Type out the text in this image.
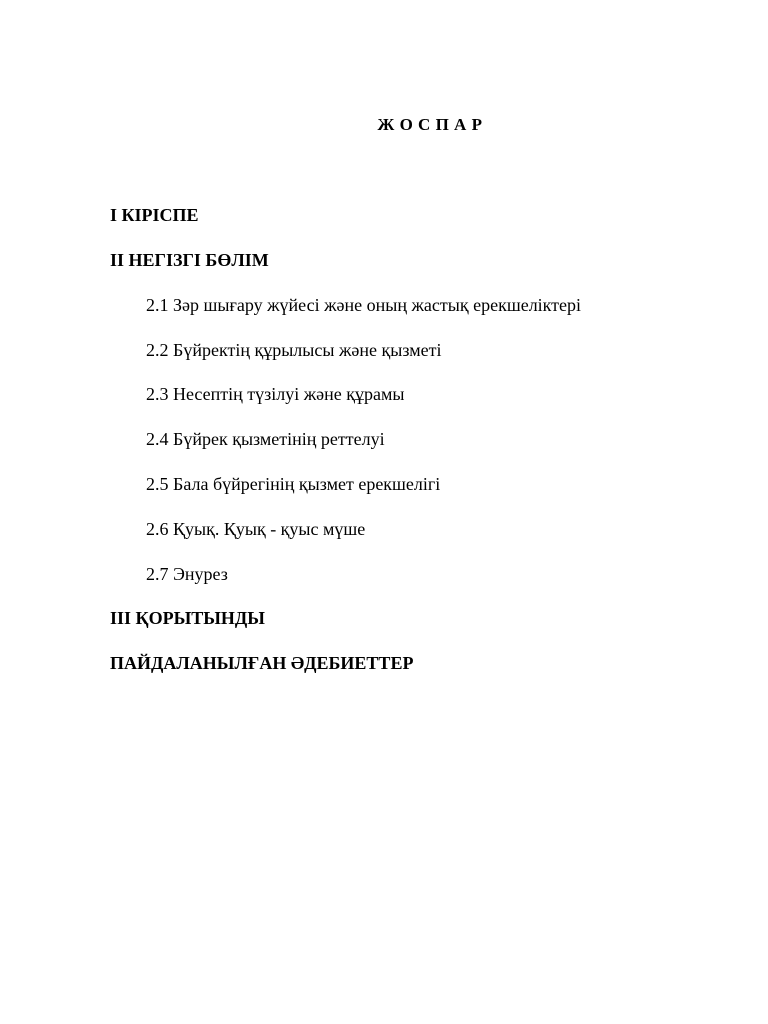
Ж О С П А Р
I КІРІСПЕ
II НЕГІЗГІ БӨЛІМ
2.1 Зәр шығару жүйесі және оның жастық ерекшеліктері
2.2 Бүйректің құрылысы және қызметі
2.3 Несептің түзілуі және құрамы
2.4 Бүйрек қызметінің реттелуі
2.5 Бала бүйрегінің қызмет ерекшелігі
2.6 Қуық. Қуық - қуыс мүше
2.7 Энурез
III ҚОРЫТЫНДЫ
ПАЙДАЛАНЫЛҒАН ӘДЕБИЕТТЕР
